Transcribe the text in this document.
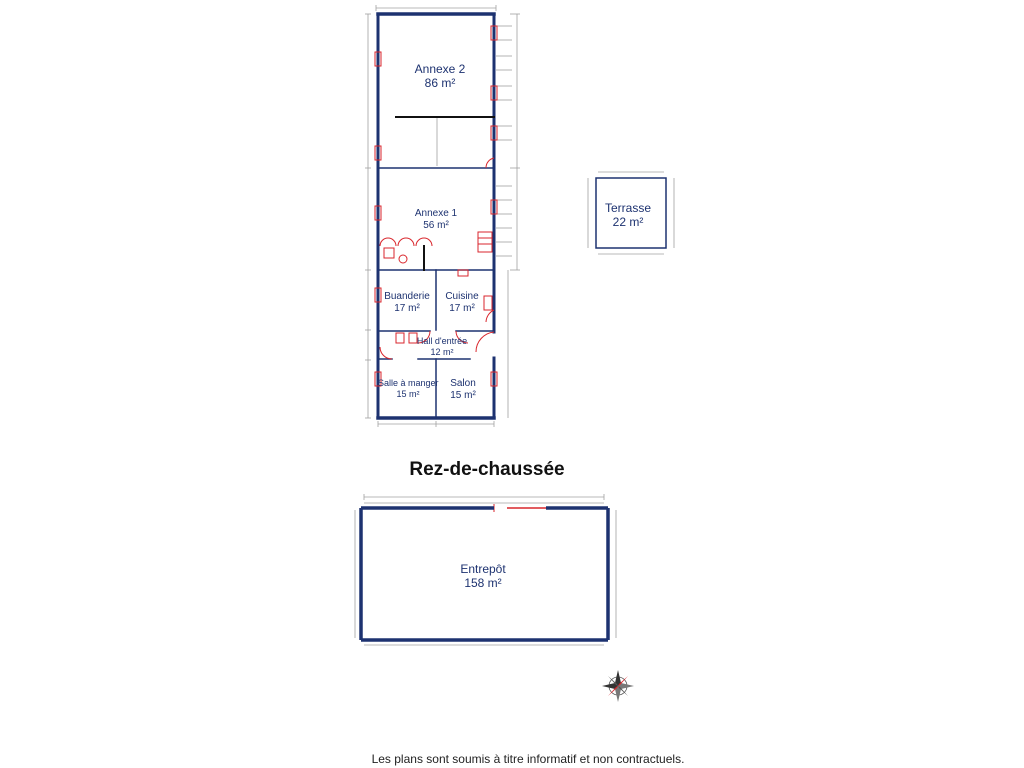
Annexe 2
86 m²
Annexe 1
56 m²
Terrasse
22 m²
Buanderie
17 m²
Cuisine
17 m²
Hall d'entrée
12 m²
Salle à manger
15 m²
Salon
15 m²
Entrepôt
158 m²
Rez-de-chaussée
Les plans sont soumis à titre informatif et non contractuels.
